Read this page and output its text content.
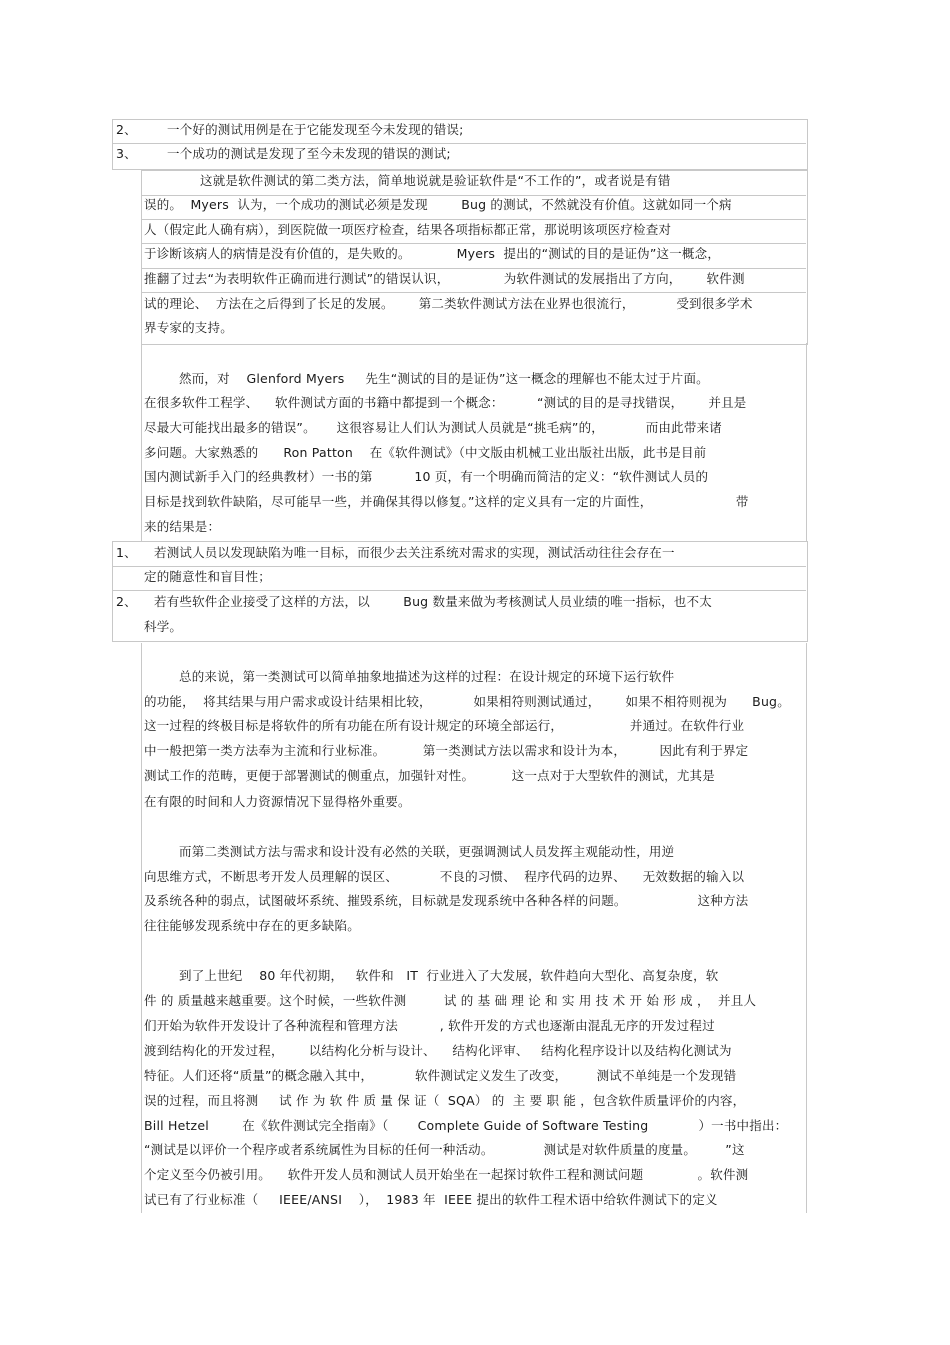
2、 一个好的测试用例是在于它能发现至今未发现的错误;
3、 一个成功的测试是发现了至今未发现的错误的测试;
这就是软件测试的第二类方法，简单地说就是验证软件是“不工作的”，或者说是有错
误的。  Myers  认为，一个成功的测试必须是发现        Bug 的测试，不然就没有价值。这就如同一个病
人（假定此人确有病），到医院做一项医疗检查，结果各项指标都正常，那说明该项医疗检查对
于诊断该病人的病情是没有价值的，是失败的。           Myers  提出的“测试的目的是证伪”这一概念，
推翻了过去“为表明软件正确而进行测试”的错误认识，             为软件测试的发展指出了方向，      软件测
试的理论、  方法在之后得到了长足的发展。      第二类软件测试方法在业界也很流行，          受到很多学术
界专家的支持。
然而，对    Glenford Myers     先生“测试的目的是证伪”这一概念的理解也不能太过于片面。
在很多软件工程学、    软件测试方面的书籍中都提到一个概念：        “测试的目的是寻找错误，      并且是
尽最大可能找出最多的错误”。     这很容易让人们认为测试人员就是“挑毛病”的，          而由此带来诸
多问题。大家熟悉的      Ron Patton    在《软件测试》（中文版由机械工业出版社出版，此书是目前
国内测试新手入门的经典教材）一书的第          10 页，有一个明确而简洁的定义：“软件测试人员的
目标是找到软件缺陷，尽可能早一些，并确保其得以修复。”这样的定义具有一定的片面性，                    带
来的结果是：
1、 若测试人员以发现缺陷为唯一目标，而很少去关注系统对需求的实现，测试活动往往会存在一
定的随意性和盲目性；
2、 若有些软件企业接受了这样的方法，以        Bug 数量来做为考核测试人员业绩的唯一指标，也不太
科学。
总的来说，第一类测试可以简单抽象地描述为这样的过程：在设计规定的环境下运行软件
的功能，  将其结果与用户需求或设计结果相比较，          如果相符则测试通过，      如果不相符则视为      Bug。
这一过程的终极目标是将软件的所有功能在所有设计规定的环境全部运行，                并通过。在软件行业
中一般把第一类方法奉为主流和行业标准。         第一类测试方法以需求和设计为本，        因此有利于界定
测试工作的范畴，更便于部署测试的侧重点，加强针对性。         这一点对于大型软件的测试，尤其是
在有限的时间和人力资源情况下显得格外重要。
而第二类测试方法与需求和设计没有必然的关联，更强调测试人员发挥主观能动性，用逆
向思维方式，不断思考开发人员理解的误区、          不良的习惯、  程序代码的边界、    无效数据的输入以
及系统各种的弱点，试图破坏系统、摧毁系统，目标就是发现系统中各种各样的问题。                 这种方法
往往能够发现系统中存在的更多缺陷。
到了上世纪    80 年代初期，   软件和   IT  行业进入了大发展，软件趋向大型化、高复杂度，软
件 的 质量越来越重要。这个时候，一些软件测         试 的 基 础 理 论 和 实 用 技 术 开 始 形 成 ，  并且人
们开始为软件开发设计了各种流程和管理方法          , 软件开发的方式也逐渐由混乱无序的开发过程过
渡到结构化的开发过程，      以结构化分析与设计、    结构化评审、   结构化程序设计以及结构化测试为
特征。人们还将“质量”的概念融入其中，          软件测试定义发生了改变，       测试不单纯是一个发现错
误的过程，而且将测     试 作 为 软 件 质 量 保 证（  SQA） 的  主 要 职 能 ，包含软件质量评价的内容，
Bill Hetzel        在《软件测试完全指南》（       Complete Guide of Software Testing            ）一书中指出：
“测试是以评价一个程序或者系统属性为目标的任何一种活动。            测试是对软件质量的度量。       ”这
个定义至今仍被引用。    软件开发人员和测试人员开始坐在一起探讨软件工程和测试问题             。软件测
试已有了行业标准（     IEEE/ANSI    ），  1983 年  IEEE 提出的软件工程术语中给软件测试下的定义
